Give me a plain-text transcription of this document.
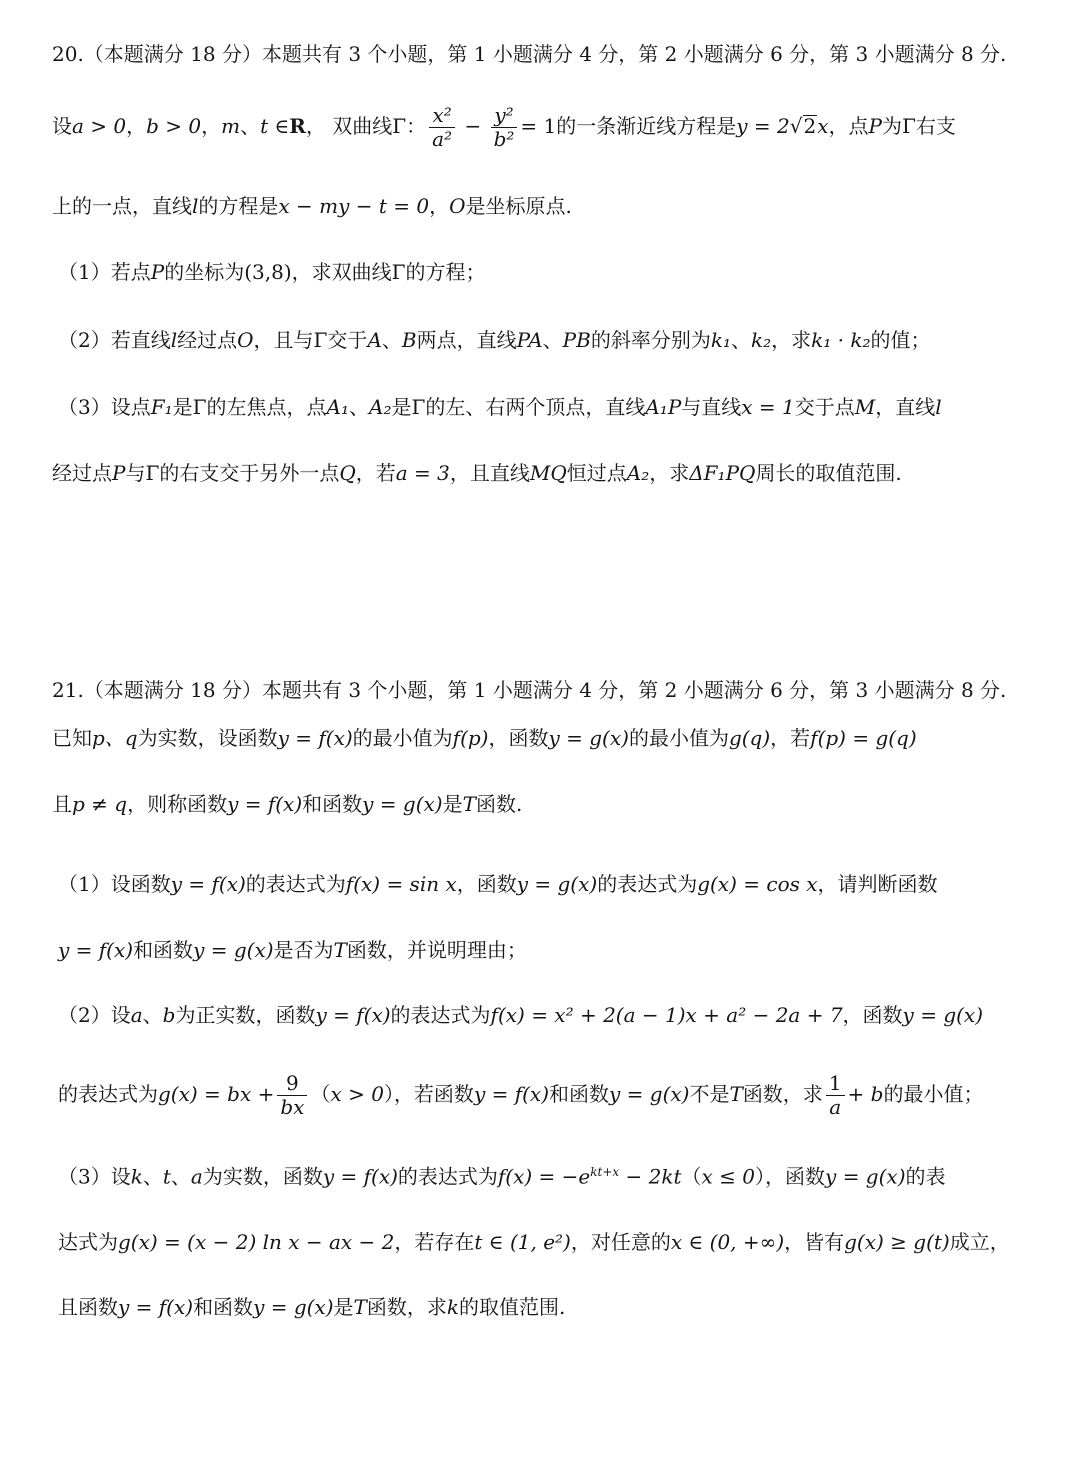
20.（本题满分 18 分）本题共有 3 个小题，第 1 小题满分 4 分，第 2 小题满分 6 分，第 3 小题满分 8 分.
设a > 0，b > 0，m、t ∈R， 双曲线Γ： $\frac{\text{x²}}{\text{a²}} - \frac{\text{y²}}{\text{b²}} = 1$的一条渐近线方程是y = 2√2x，点P为Γ右支
上的一点，直线l的方程是x − my − t = 0，O是坐标原点.
（1）若点P的坐标为(3,8)，求双曲线Γ的方程；
（2）若直线l经过点O，且与Γ交于A、B两点，直线PA、PB的斜率分别为k₁、k₂，求k₁ · k₂的值；
（3）设点F₁是Γ的左焦点，点A₁、A₂是Γ的左、右两个顶点，直线A₁P与直线x = 1交于点M，直线l
经过点P与Γ的右支交于另外一点Q，若a = 3，且直线MQ恒过点A₂，求ΔF₁PQ周长的取值范围.
21.（本题满分 18 分）本题共有 3 个小题，第 1 小题满分 4 分，第 2 小题满分 6 分，第 3 小题满分 8 分.
已知p、q为实数，设函数y = f(x)的最小值为f(p)，函数y = g(x)的最小值为g(q)，若f(p) = g(q)
且p ≠ q，则称函数y = f(x)和函数y = g(x)是T函数.
（1）设函数y = f(x)的表达式为f(x) = sin x，函数y = g(x)的表达式为g(x) = cos x，请判断函数
y = f(x)和函数y = g(x)是否为T函数，并说明理由；
（2）设a、b为正实数，函数y = f(x)的表达式为f(x) = x² + 2(a − 1)x + a² − 2a + 7，函数y = g(x)
的表达式为g(x) = bx + $\frac{9}{bx} (x > 0)$，若函数y = f(x)和函数y = g(x)不是T函数，求 $\frac{1}{a} + b$的最小值；
（3）设k、t、a为实数，函数y = f(x)的表达式为$f(x) = -e^{kt+x} - 2kt(x \le 0)$，函数y = g(x)的表
达式为g(x) = (x − 2) ln x − ax − 2，若存在t ∈ (1, e²)，对任意的x ∈ (0, +∞)，皆有g(x) ≥ g(t)成立，
且函数y = f(x)和函数y = g(x)是T函数，求k的取值范围.
